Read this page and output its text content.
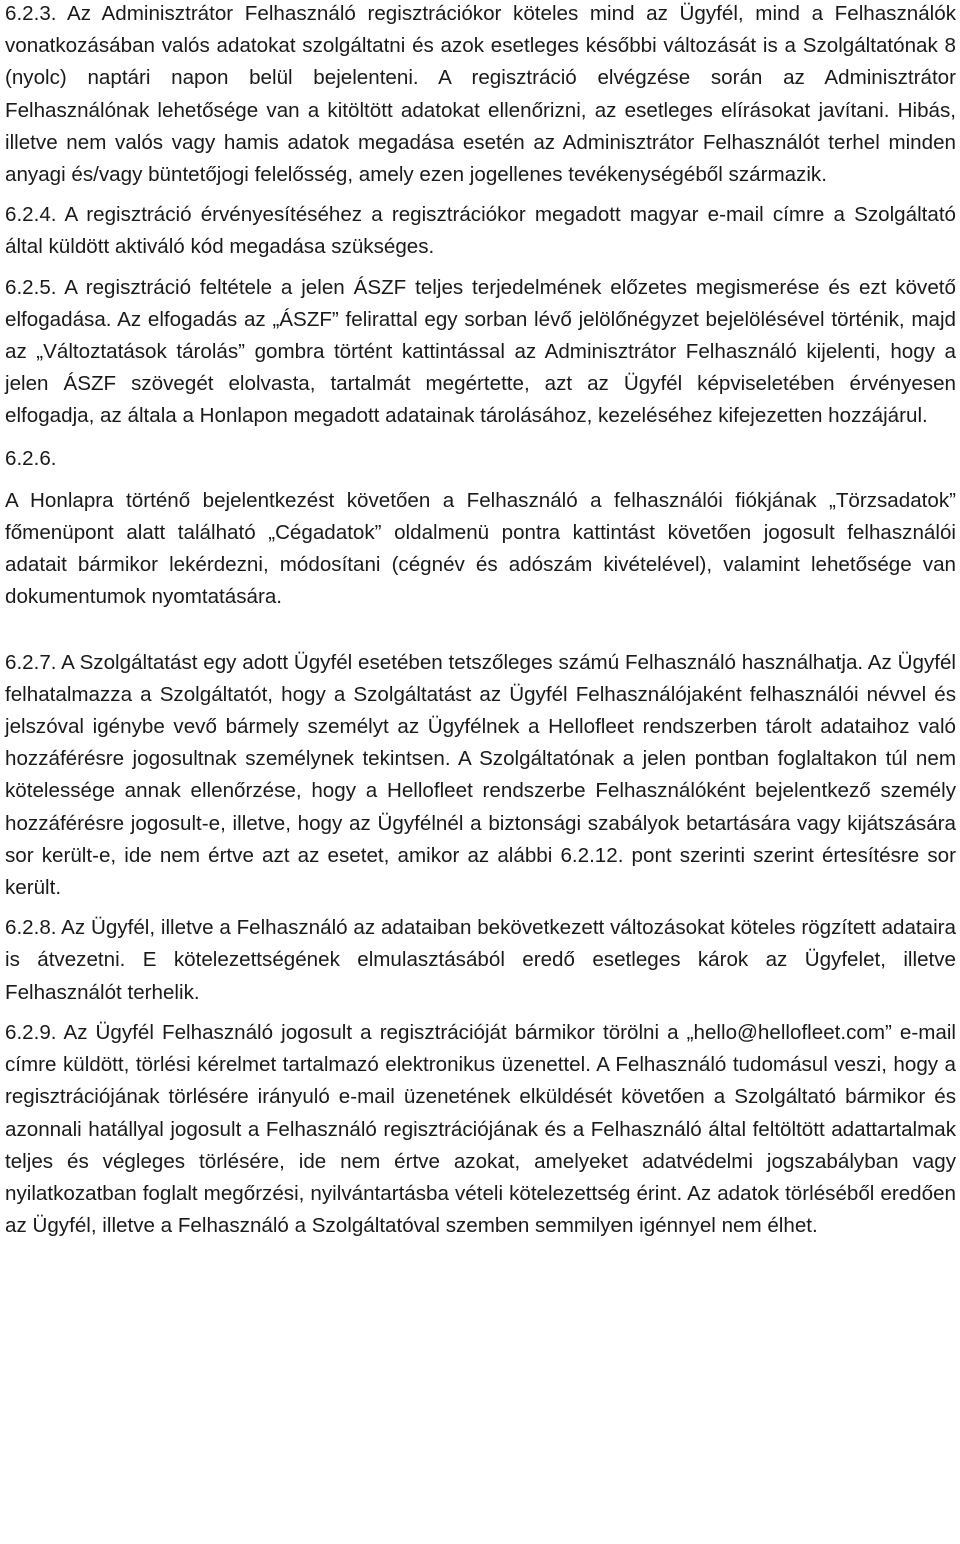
6.2.3. Az Adminisztrátor Felhasználó regisztrációkor köteles mind az Ügyfél, mind a Felhasználók vonatkozásában valós adatokat szolgáltatni és azok esetleges későbbi változását is a Szolgáltatónak 8 (nyolc) naptári napon belül bejelenteni. A regisztráció elvégzése során az Adminisztrátor Felhasználónak lehetősége van a kitöltött adatokat ellenőrizni, az esetleges elírásokat javítani. Hibás, illetve nem valós vagy hamis adatok megadása esetén az Adminisztrátor Felhasználót terhel minden anyagi és/vagy büntetőjogi felelősség, amely ezen jogellenes tevékenységéből származik.

6.2.4. A regisztráció érvényesítéséhez a regisztrációkor megadott magyar e-mail címre a Szolgáltató által küldött aktiváló kód megadása szükséges.

6.2.5. A regisztráció feltétele a jelen ÁSZF teljes terjedelmének előzetes megismerése és ezt követő elfogadása. Az elfogadás az „ÁSZF” felirattal egy sorban lévő jelölőnégyzet bejelölésével történik, majd az „Változtatások tárolás” gombra történt kattintással az Adminisztrátor Felhasználó kijelenti, hogy a jelen ÁSZF szövegét elolvasta, tartalmát megértette, azt az Ügyfél képviseletében érvényesen elfogadja, az általa a Honlapon megadott adatainak tárolásához, kezeléséhez kifejezetten hozzájárul.

6.2.6.

A Honlapra történő bejelentkezést követően a Felhasználó a felhasználói fiókjának „Törzsadatok” főmenüpont alatt található „Cégadatok” oldalmenü pontra kattintást követően jogosult felhasználói adatait bármikor lekérdezni, módosítani (cégnév és adószám kivételével), valamint lehetősége van dokumentumok nyomtatására.

6.2.7. A Szolgáltatást egy adott Ügyfél esetében tetszőleges számú Felhasználó használhatja. Az Ügyfél felhatalmazza a Szolgáltatót, hogy a Szolgáltatást az Ügyfél Felhasználójaként felhasználói névvel és jelszóval igénybe vevő bármely személyt az Ügyfélnek a Hellofleet rendszerben tárolt adataihoz való hozzáférésre jogosultnak személynek tekintsen. A Szolgáltatónak a jelen pontban foglaltakon túl nem kötelessége annak ellenőrzése, hogy a Hellofleet rendszerbe Felhasználóként bejelentkező személy hozzáférésre jogosult-e, illetve, hogy az Ügyfélnél a biztonsági szabályok betartására vagy kijátszására sor került-e, ide nem értve azt az esetet, amikor az alábbi 6.2.12. pont szerinti szerint értesítésre sor került.

6.2.8. Az Ügyfél, illetve a Felhasználó az adataiban bekövetkezett változásokat köteles rögzített adataira is átvezetni. E kötelezettségének elmulasztásából eredő esetleges károk az Ügyfelet, illetve Felhasználót terhelik.

6.2.9. Az Ügyfél Felhasználó jogosult a regisztrációját bármikor törölni a „hello@hellofleet.com” e-mail címre küldött, törlési kérelmet tartalmazó elektronikus üzenettel. A Felhasználó tudomásul veszi, hogy a regisztrációjának törlésére irányuló e-mail üzenetének elküldését követően a Szolgáltató bármikor és azonnali hatállyal jogosult a Felhasználó regisztrációjának és a Felhasználó által feltöltött adattartalmak teljes és végleges törlésére, ide nem értve azokat, amelyeket adatvédelmi jogszabályban vagy nyilatkozatban foglalt megőrzési, nyilvántartásba vételi kötelezettség érint. Az adatok törléséből eredően az Ügyfél, illetve a Felhasználó a Szolgáltatóval szemben semmilyen igénnyel nem élhet.
